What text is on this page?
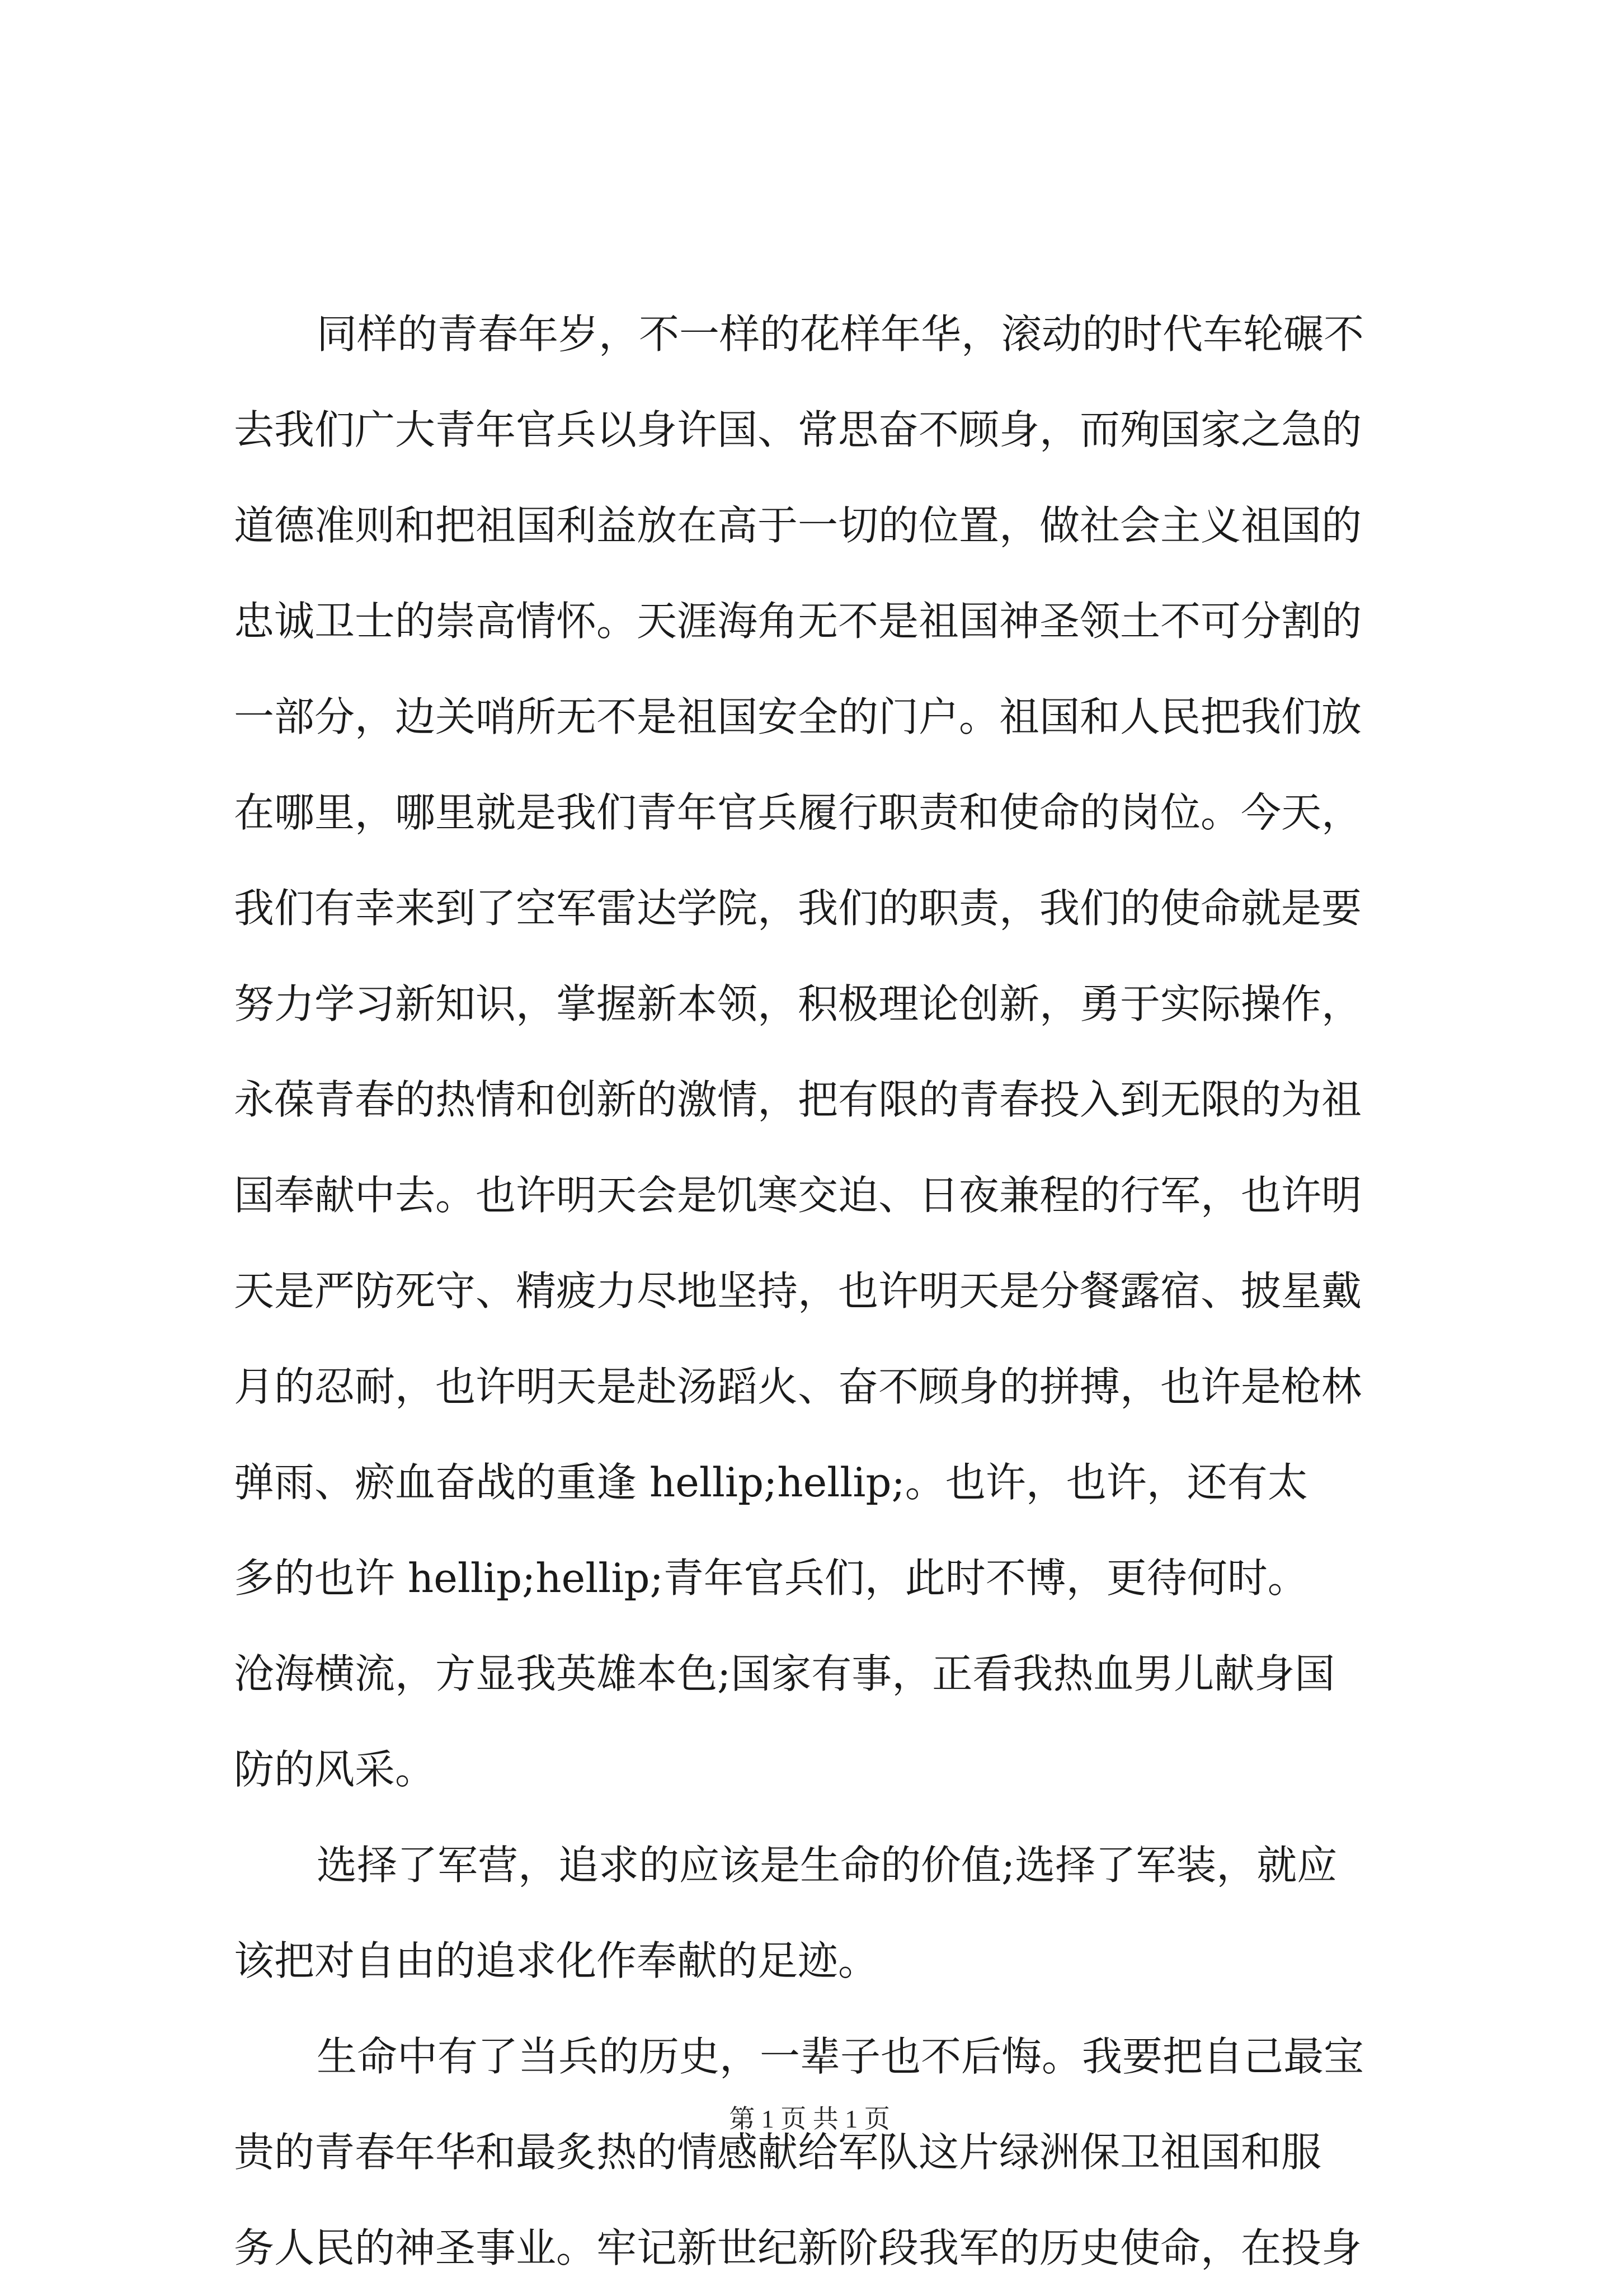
同样的青春年岁，不一样的花样年华，滚动的时代车轮碾不
去我们广大青年官兵以身许国、常思奋不顾身，而殉国家之急的
道德准则和把祖国利益放在高于一切的位置，做社会主义祖国的
忠诚卫士的崇高情怀。天涯海角无不是祖国神圣领土不可分割的
一部分，边关哨所无不是祖国安全的门户。祖国和人民把我们放
在哪里，哪里就是我们青年官兵履行职责和使命的岗位。今天，
我们有幸来到了空军雷达学院，我们的职责，我们的使命就是要
努力学习新知识，掌握新本领，积极理论创新，勇于实际操作，
永葆青春的热情和创新的激情，把有限的青春投入到无限的为祖
国奉献中去。也许明天会是饥寒交迫、日夜兼程的行军，也许明
天是严防死守、精疲力尽地坚持，也许明天是分餐露宿、披星戴
月的忍耐，也许明天是赴汤蹈火、奋不顾身的拼搏，也许是枪林
弹雨、瘀血奋战的重逢 hellip;hellip;。也许，也许，还有太
多的也许 hellip;hellip;青年官兵们，此时不博，更待何时。
沧海横流，方显我英雄本色;国家有事，正看我热血男儿献身国
防的风采。
选择了军营，追求的应该是生命的价值;选择了军装，就应
该把对自由的追求化作奉献的足迹。
生命中有了当兵的历史，一辈子也不后悔。我要把自己最宝
贵的青春年华和最炙热的情感献给军队这片绿洲保卫祖国和服
务人民的神圣事业。牢记新世纪新阶段我军的历史使命，在投身
第 1 页 共 1 页
